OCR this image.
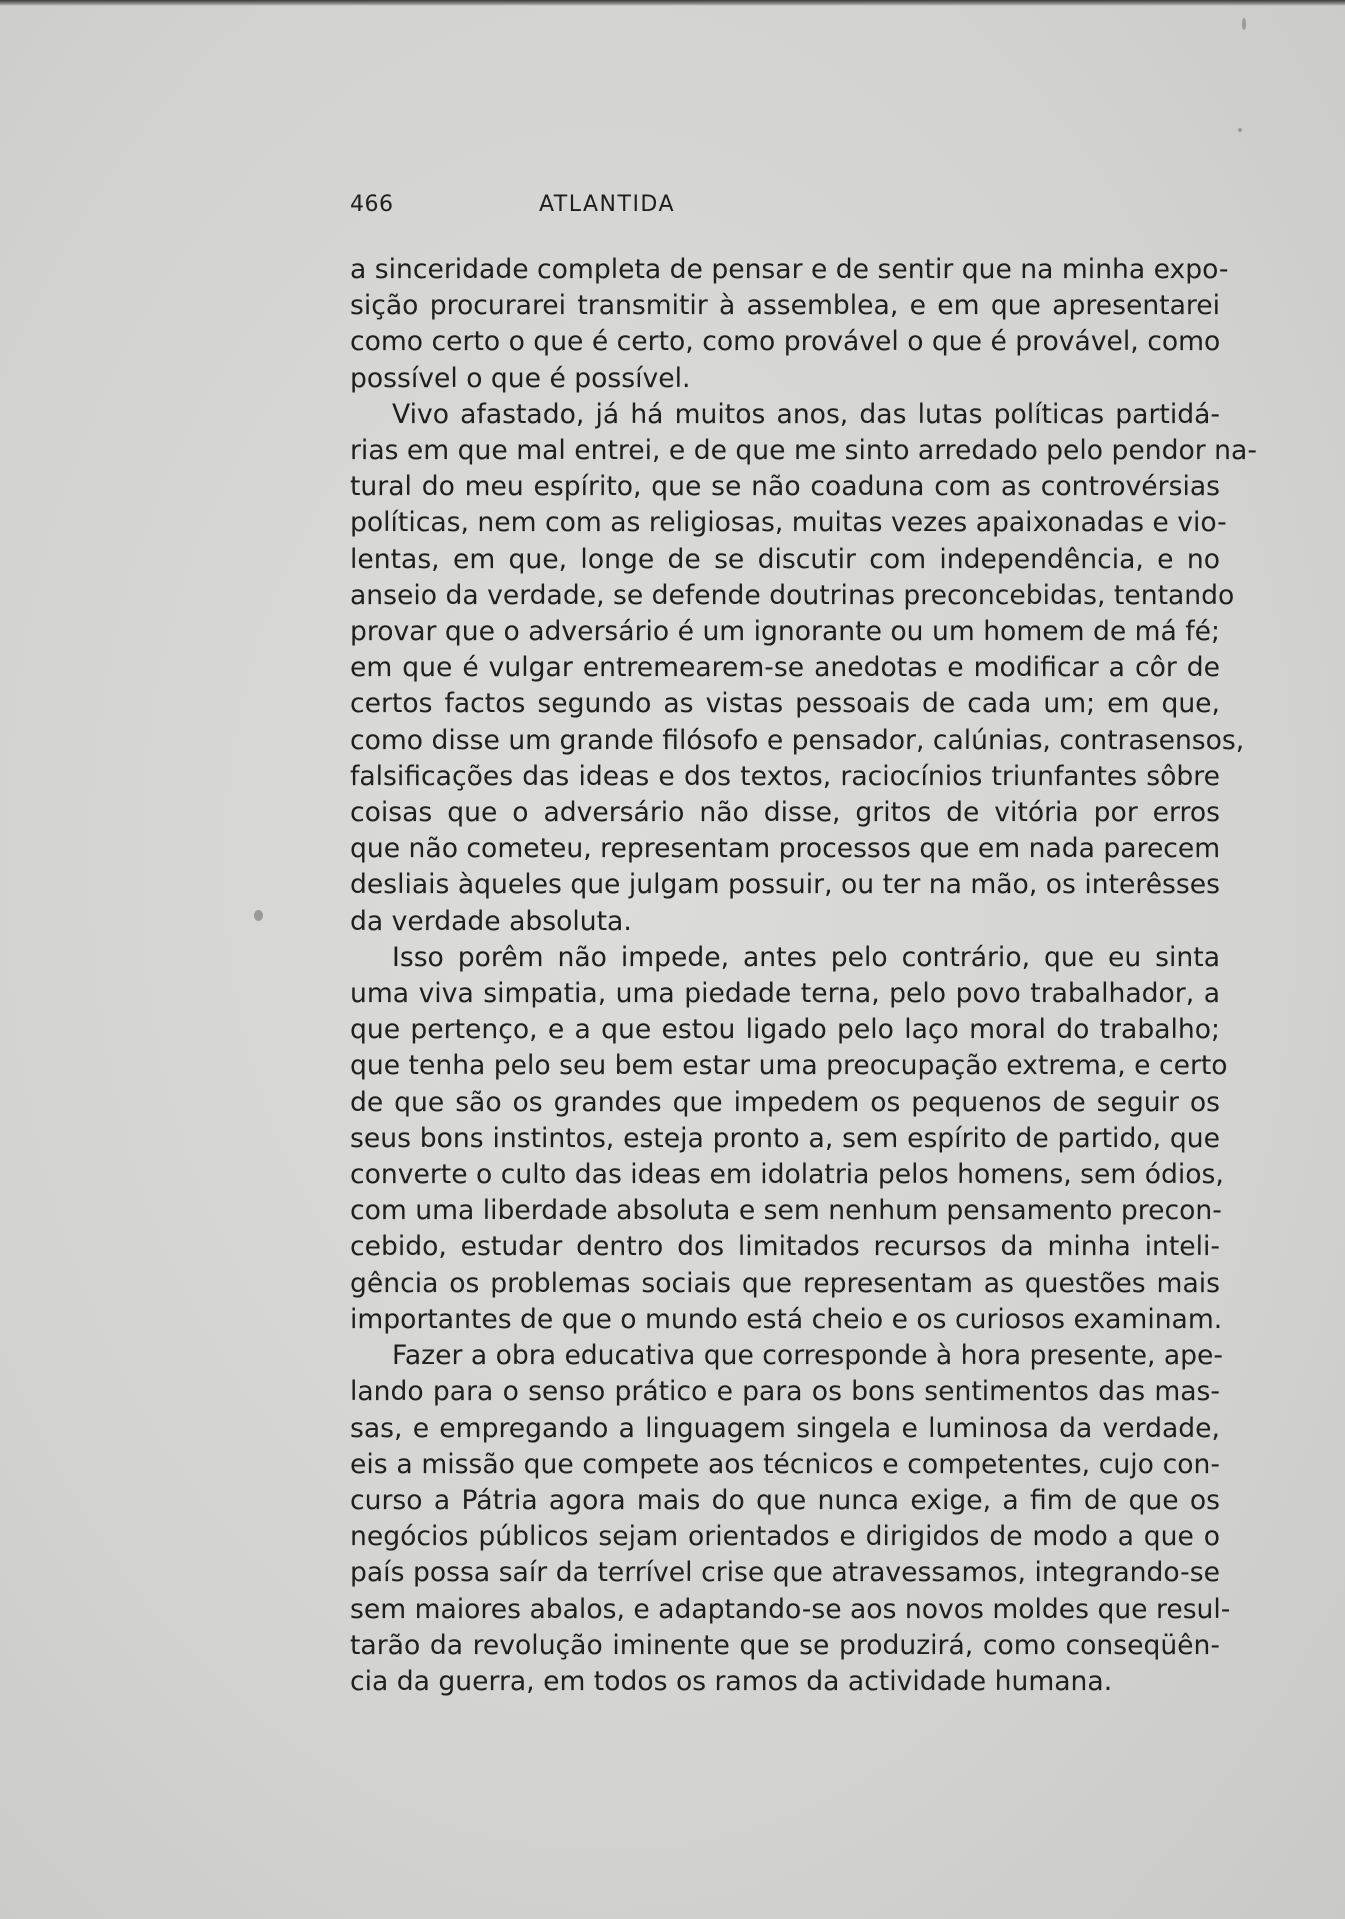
466	ATLANTIDA
a sinceridade completa de pensar e de sentir que na minha expo-
sição procurarei transmitir à assemblea, e em que apresentarei
como certo o que é certo, como provável o que é provável, como
possível o que é possível.
Vivo afastado, já há muitos anos, das lutas políticas partidá-
rias em que mal entrei, e de que me sinto arredado pelo pendor na-
tural do meu espírito, que se não coaduna com as controvérsias
políticas, nem com as religiosas, muitas vezes apaixonadas e vio-
lentas, em que, longe de se discutir com independência, e no
anseio da verdade, se defende doutrinas preconcebidas, tentando
provar que o adversário é um ignorante ou um homem de má fé;
em que é vulgar entremearem-se anedotas e modificar a côr de
certos factos segundo as vistas pessoais de cada um; em que,
como disse um grande filósofo e pensador, calúnias, contrasensos,
falsificações das ideas e dos textos, raciocínios triunfantes sôbre
coisas que o adversário não disse, gritos de vitória por erros
que não cometeu, representam processos que em nada parecem
desliais àqueles que julgam possuir, ou ter na mão, os interêsses
da verdade absoluta.
Isso porêm não impede, antes pelo contrário, que eu sinta
uma viva simpatia, uma piedade terna, pelo povo trabalhador, a
que pertenço, e a que estou ligado pelo laço moral do trabalho;
que tenha pelo seu bem estar uma preocupação extrema, e certo
de que são os grandes que impedem os pequenos de seguir os
seus bons instintos, esteja pronto a, sem espírito de partido, que
converte o culto das ideas em idolatria pelos homens, sem ódios,
com uma liberdade absoluta e sem nenhum pensamento precon-
cebido, estudar dentro dos limitados recursos da minha inteli-
gência os problemas sociais que representam as questões mais
importantes de que o mundo está cheio e os curiosos examinam.
Fazer a obra educativa que corresponde à hora presente, ape-
lando para o senso prático e para os bons sentimentos das mas-
sas, e empregando a linguagem singela e luminosa da verdade,
eis a missão que compete aos técnicos e competentes, cujo con-
curso a Pátria agora mais do que nunca exige, a fim de que os
negócios públicos sejam orientados e dirigidos de modo a que o
país possa saír da terrível crise que atravessamos, integrando-se
sem maiores abalos, e adaptando-se aos novos moldes que resul-
tarão da revolução iminente que se produzirá, como conseqüên-
cia da guerra, em todos os ramos da actividade humana.
